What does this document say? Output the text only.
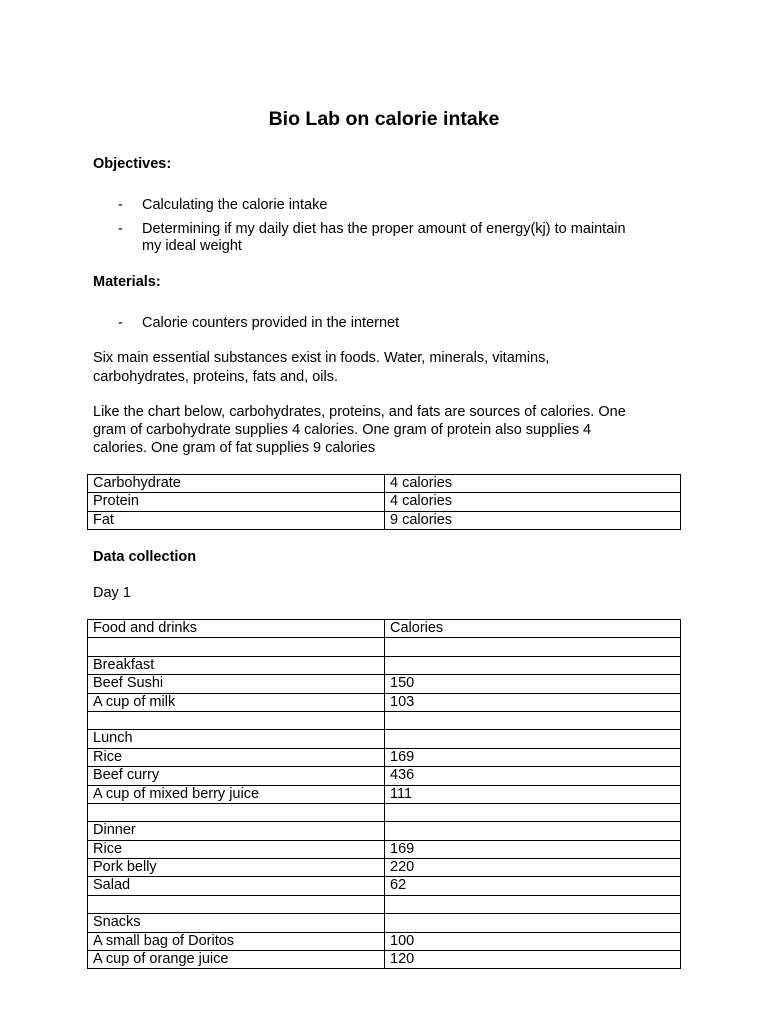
Bio Lab on calorie intake
Objectives:
-	Calculating the calorie intake
-	Determining if my daily diet has the proper amount of energy(kj) to maintain
my ideal weight
Materials:
-	Calorie counters provided in the internet
Six main essential substances exist in foods. Water, minerals, vitamins,
carbohydrates, proteins, fats and, oils.
Like the chart below, carbohydrates, proteins, and fats are sources of calories. One
gram of carbohydrate supplies 4 calories. One gram of protein also supplies 4
calories. One gram of fat supplies 9 calories
Carbohydrate	4 calories
Protein	4 calories
Fat	9 calories
Data collection
Day 1
Food and drinks	Calories

Breakfast	
Beef Sushi	150
A cup of milk	103

Lunch	
Rice	169
Beef curry	436
A cup of mixed berry juice	111

Dinner	
Rice	169
Pork belly	220
Salad	62

Snacks	
A small bag of Doritos	100
A cup of orange juice	120
